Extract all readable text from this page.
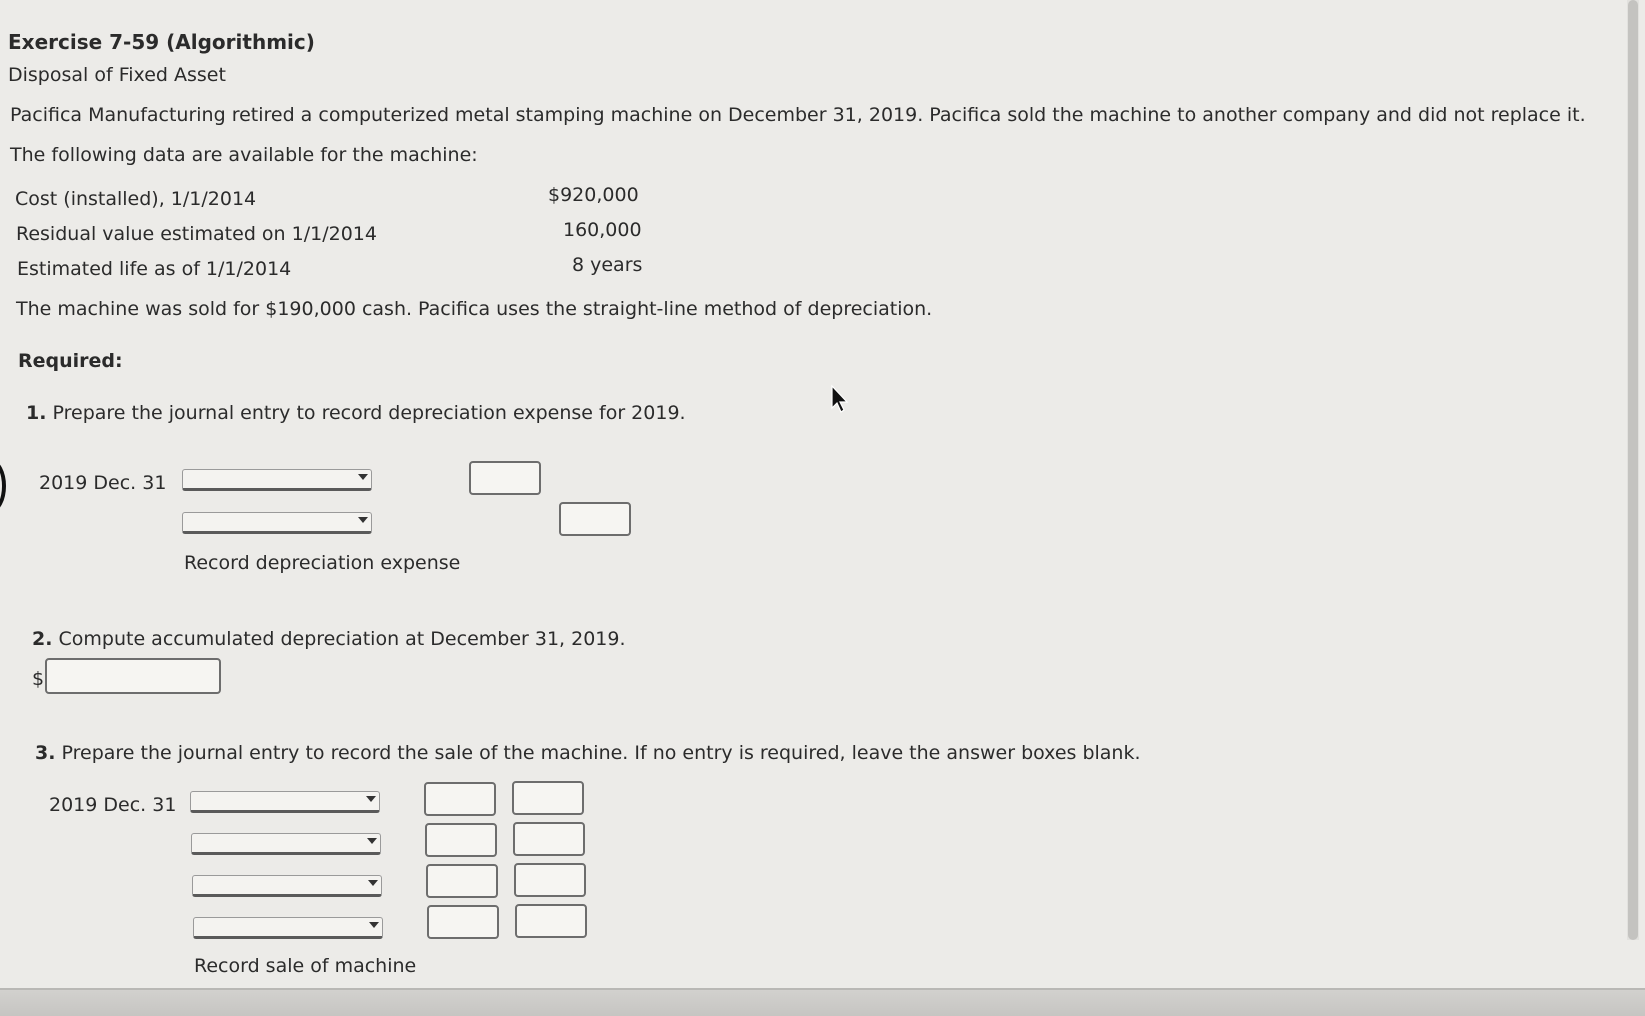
Exercise 7-59 (Algorithmic)
Disposal of Fixed Asset
Pacifica Manufacturing retired a computerized metal stamping machine on December 31, 2019. Pacifica sold the machine to another company and did not replace it.
The following data are available for the machine:
Cost (installed), 1/1/2014	$920,000
Residual value estimated on 1/1/2014	160,000
Estimated life as of 1/1/2014	8 years
The machine was sold for $190,000 cash. Pacifica uses the straight-line method of depreciation.
Required:
1. Prepare the journal entry to record depreciation expense for 2019.
2019 Dec. 31
Record depreciation expense
2. Compute accumulated depreciation at December 31, 2019.
$
3. Prepare the journal entry to record the sale of the machine. If no entry is required, leave the answer boxes blank.
2019 Dec. 31
Record sale of machine
